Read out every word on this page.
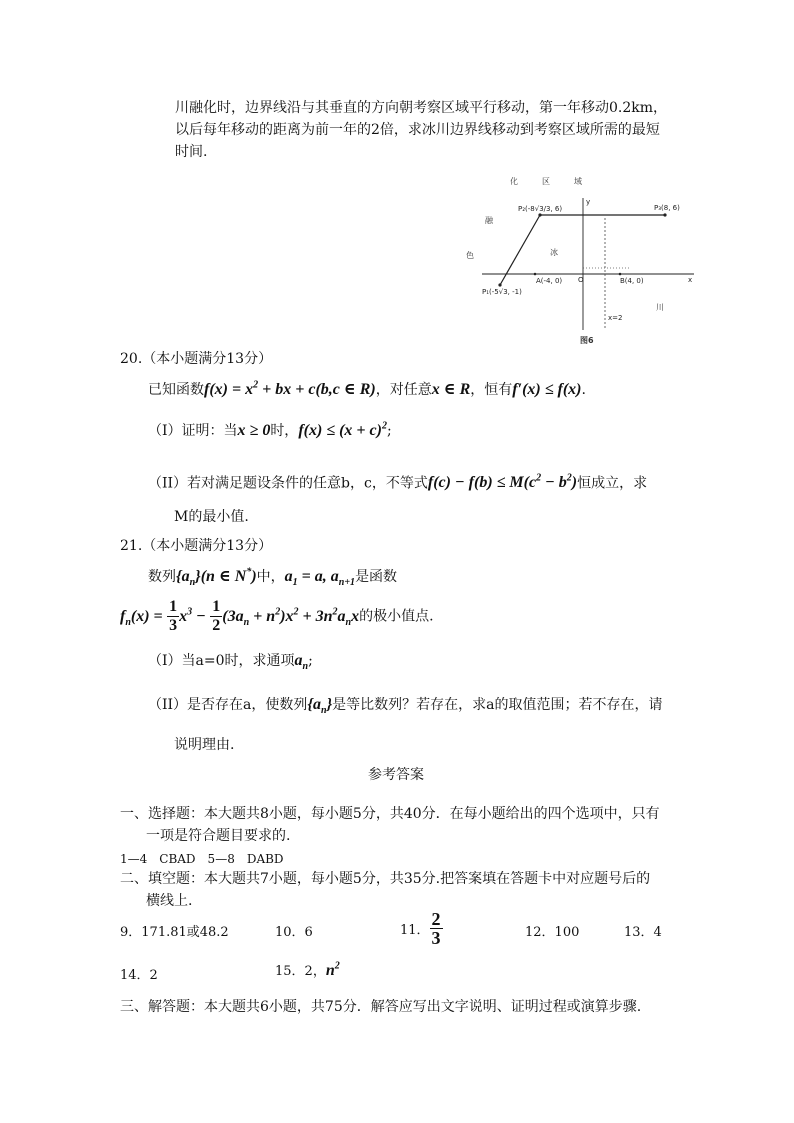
川融化时，边界线沿与其垂直的方向朝考察区域平行移动，第一年移动0.2km，
以后每年移动的距离为前一年的2倍，求冰川边界线移动到考察区域所需的最短
时间.
化　　　区　　　域
y
x
O
P₂(-8√3/3, 6)	P₃(8, 6)
P₁(-5√3, -1)
x=2
A(-4, 0)	B(4, 0)
融
色	冰
川
图6
20.（本小题满分13分）
已知函数$f(x) = x^2$ + bx + c(b,c ∈ R)，对任意x ∈ R，恒有f′(x) ≤ f(x).
（I）证明：当x ≥ 0时，$f(x) \le (x + c)^2$;
（II）若对满足题设条件的任意b，c，不等式$f(c) - f(b) \le M(c^2 - b^2)$恒成立，求
M的最小值.
21.（本小题满分13分）
数列$\{a_n\}(n$ ∈ N*)中，$a_1 = a$, $a_{n+1}$是函数
$f_n(x) = \frac{1}{3} x^3 - \frac{1}{2} (3a_n + n^2)x^2 + 3n^2a_nx$的极小值点.
（I）当a=0时，求通项$a_n$;
（II）是否存在a，使数列$\{a_n\}$是等比数列？若存在，求a的取值范围；若不存在，请
说明理由.
参考答案
一、选择题：本大题共8小题，每小题5分，共40分．在每小题给出的四个选项中，只有
一项是符合题目要求的.
1—4　CBAD　5—8　DABD
二、填空题：本大题共7小题，每小题5分，共35分.把答案填在答题卡中对应题号后的
横线上.
9．171.81或48.2	10．6	11． $\frac{2}{3}$	12．100	13．4
14．2	15．2，$n^2$
三、解答题：本大题共6小题，共75分．解答应写出文字说明、证明过程或演算步骤.
